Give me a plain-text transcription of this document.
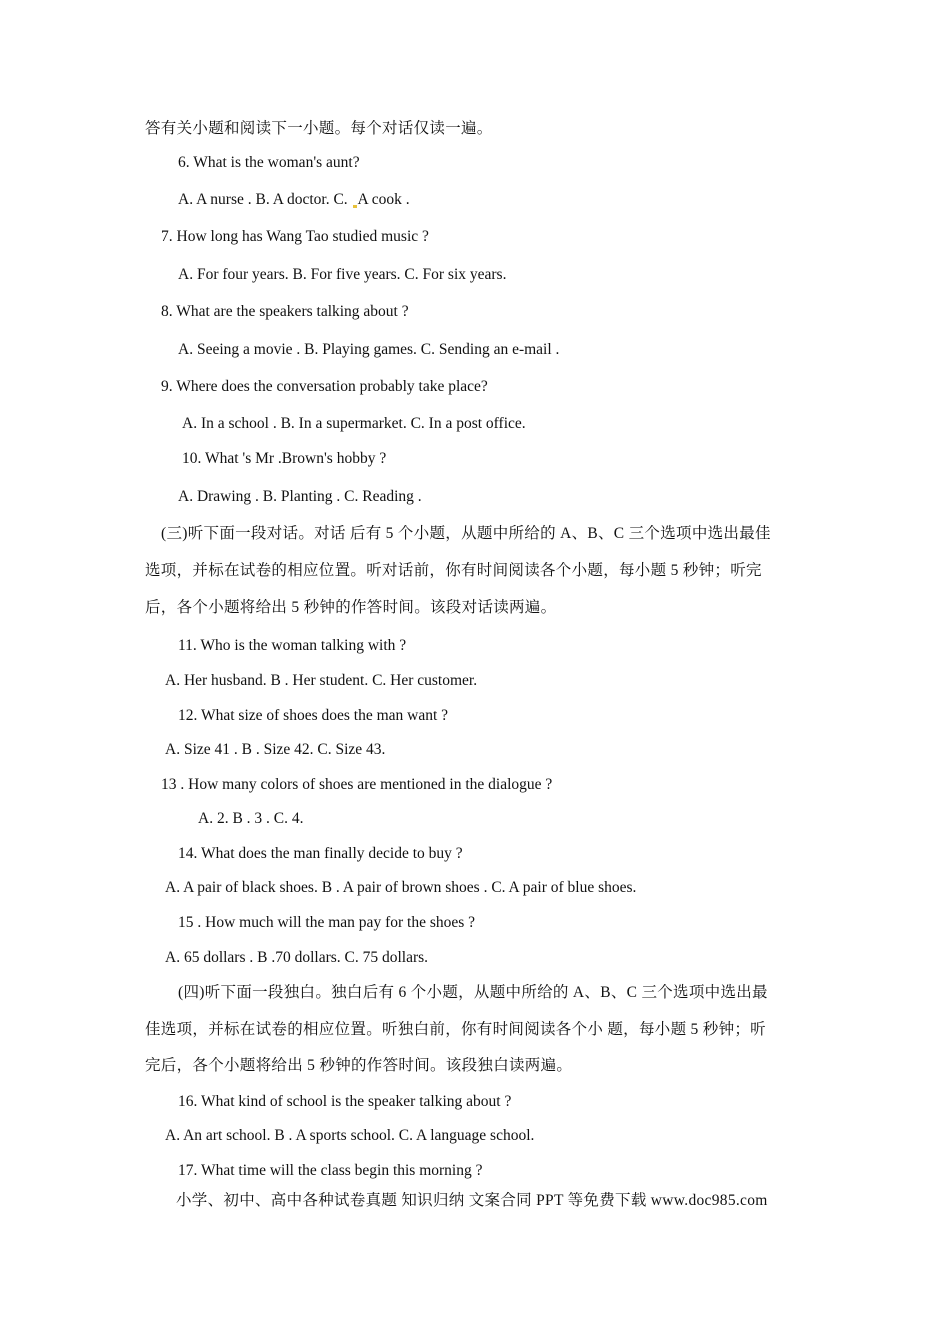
答有关小题和阅读下一小题。每个对话仅读一遍。
6. What is the woman's aunt?
A. A nurse . B. A doctor. C. A cook .
7. How long has Wang Tao studied music ?
A. For four years. B. For five years. C. For six years.
8. What are the speakers talking about ?
A. Seeing a movie . B. Playing games. C. Sending an e-mail .
9. Where does the conversation probably take place?
A. In a school . B. In a supermarket. C. In a post office.
10. What 's Mr .Brown's hobby ?
A. Drawing . B. Planting . C. Reading .
(三)听下面一段对话。对话 后有 5 个小题，从题中所给的 A、B、C 三个选项中选出最佳
选项，并标在试卷的相应位置。听对话前，你有时间阅读各个小题，每小题 5 秒钟；听完
后，各个小题将给出 5 秒钟的作答时间。该段对话读两遍。
11. Who is the woman talking with ?
A. Her husband. B . Her student. C. Her customer.
12. What size of shoes does the man want ?
A. Size 41 . B . Size 42. C. Size 43.
13 . How many colors of shoes are mentioned in the dialogue ?
A. 2. B . 3 . C. 4.
14. What does the man finally decide to buy ?
A. A pair of black shoes. B . A pair of brown shoes . C. A pair of blue shoes.
15 . How much will the man pay for the shoes ?
A. 65 dollars . B .70 dollars. C. 75 dollars.
(四)听下面一段独白。独白后有 6 个小题，从题中所给的 A、B、C 三个选项中选出最
佳选项，并标在试卷的相应位置。听独白前，你有时间阅读各个小 题，每小题 5 秒钟；听
完后，各个小题将给出 5 秒钟的作答时间。该段独白读两遍。
16. What kind of school is the speaker talking about ?
A. An art school. B . A sports school. C. A language school.
17. What time will the class begin this morning ?
小学、初中、高中各种试卷真题 知识归纳 文案合同 PPT 等免费下载 www.doc985.com
